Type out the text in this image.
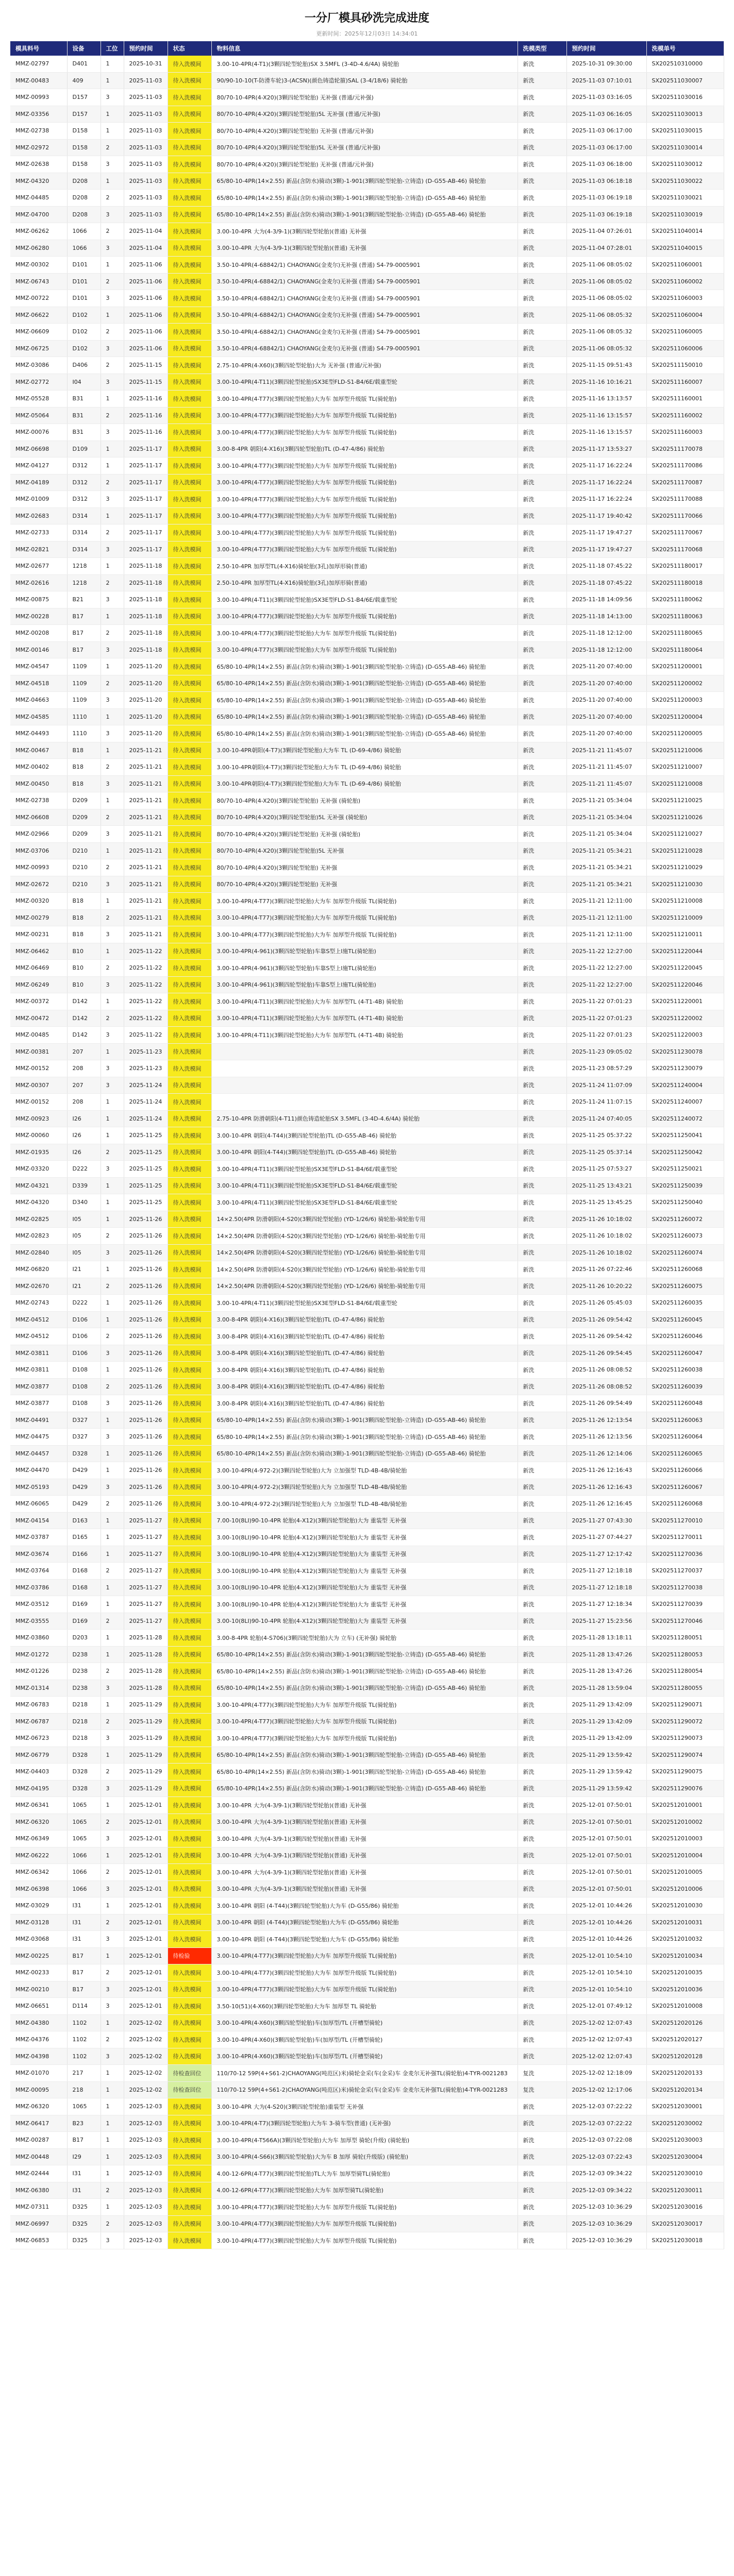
一分厂模具砂洗完成进度
更新时间：2025年12月03日 14:34:01
模具料号	设备	工位	预约时间	状态	物料信息	洗模类型	预约时间	洗模单号
MMZ-02797	D401	1	2025-10-31	待入洗模间	3.00-10-4PR(4-T1)(3颗四轮型轮胎)SX 3.5MFL (3-4D-4.6/4A) 骑轮胎	新洗	2025-10-31 09:30:00	SX202510310000
MMZ-00483	409	1	2025-11-03	待入洗模间	90/90-10-10(T-防滑车轮)3-(ACSN)(颜色铸造轮箍)SAL (3-4/18/6) 骑轮胎	新洗	2025-11-03 07:10:01	SX202511030007
MMZ-00993	D157	3	2025-11-03	待入洗模间	80/70-10-4PR(4-X20)(3颗四轮型轮胎) 无补强 (普通/元补强)	新洗	2025-11-03 03:16:05	SX202511030016
MMZ-03356	D157	1	2025-11-03	待入洗模间	80/70-10-4PR(4-X20)(3颗四轮型轮胎)5L 无补强 (普通/元补强)	新洗	2025-11-03 06:16:05	SX202511030013
MMZ-02738	D158	1	2025-11-03	待入洗模间	80/70-10-4PR(4-X20)(3颗四轮型轮胎) 无补强 (普通/元补强)	新洗	2025-11-03 06:17:00	SX202511030015
MMZ-02972	D158	2	2025-11-03	待入洗模间	80/70-10-4PR(4-X20)(3颗四轮型轮胎)5L 无补强 (普通/元补强)	新洗	2025-11-03 06:17:00	SX202511030014
MMZ-02638	D158	3	2025-11-03	待入洗模间	80/70-10-4PR(4-X20)(3颗四轮型轮胎) 无补强 (普通/元补强)	新洗	2025-11-03 06:18:00	SX202511030012
MMZ-04320	D208	1	2025-11-03	待入洗模间	65/80-10-4PR(14×2.55) 新品(含防水)骑动(3颗)-1-901(3颗四轮型轮胎-立铸造) (D-G55-AB-46) 骑轮胎	新洗	2025-11-03 06:18:18	SX202511030022
MMZ-04485	D208	2	2025-11-03	待入洗模间	65/80-10-4PR(14×2.55) 新品(含防水)骑动(3颗)-1-901(3颗四轮型轮胎-立铸造) (D-G55-AB-46) 骑轮胎	新洗	2025-11-03 06:19:18	SX202511030021
MMZ-04700	D208	3	2025-11-03	待入洗模间	65/80-10-4PR(14×2.55) 新品(含防水)骑动(3颗)-1-901(3颗四轮型轮胎-立铸造) (D-G55-AB-46) 骑轮胎	新洗	2025-11-03 06:19:18	SX202511030019
MMZ-06262	1066	2	2025-11-04	待入洗模间	3.00-10-4PR 大为(4-3/9-1)(3颗四轮型轮胎)(普通) 无补强	新洗	2025-11-04 07:26:01	SX202511040014
MMZ-06280	1066	3	2025-11-04	待入洗模间	3.00-10-4PR 大为(4-3/9-1)(3颗四轮型轮胎)(普通) 无补强	新洗	2025-11-04 07:28:01	SX202511040015
MMZ-00302	D101	1	2025-11-06	待入洗模间	3.50-10-4PR(4-68842/1) CHAOYANG(金麦尔)无补强 (普通) S4-79-0005901	新洗	2025-11-06 08:05:02	SX202511060001
MMZ-06743	D101	2	2025-11-06	待入洗模间	3.50-10-4PR(4-68842/1) CHAOYANG(金麦尔)无补强 (普通) S4-79-0005901	新洗	2025-11-06 08:05:02	SX202511060002
MMZ-00722	D101	3	2025-11-06	待入洗模间	3.50-10-4PR(4-68842/1) CHAOYANG(金麦尔)无补强 (普通) S4-79-0005901	新洗	2025-11-06 08:05:02	SX202511060003
MMZ-06622	D102	1	2025-11-06	待入洗模间	3.50-10-4PR(4-68842/1) CHAOYANG(金麦尔)无补强 (普通) S4-79-0005901	新洗	2025-11-06 08:05:32	SX202511060004
MMZ-06609	D102	2	2025-11-06	待入洗模间	3.50-10-4PR(4-68842/1) CHAOYANG(金麦尔)无补强 (普通) S4-79-0005901	新洗	2025-11-06 08:05:32	SX202511060005
MMZ-06725	D102	3	2025-11-06	待入洗模间	3.50-10-4PR(4-68842/1) CHAOYANG(金麦尔)无补强 (普通) S4-79-0005901	新洗	2025-11-06 08:05:32	SX202511060006
MMZ-03086	D406	2	2025-11-15	待入洗模间	2.75-10-4PR(4-X60)(3颗四轮型轮胎)大为 无补强 (普通/元补强)	新洗	2025-11-15 09:51:43	SX202511150010
MMZ-02772	I04	3	2025-11-15	待入洗模间	3.00-10-4PR(4-T11)(3颗四轮型轮胎)SX3E型FLD-S1-B4/6E/载重型轮	新洗	2025-11-16 10:16:21	SX202511160007
MMZ-05528	B31	1	2025-11-16	待入洗模间	3.00-10-4PR(4-T77)(3颗四轮型轮胎)大为车 加厚型升级版 TL(骑轮胎)	新洗	2025-11-16 13:13:57	SX202511160001
MMZ-05064	B31	2	2025-11-16	待入洗模间	3.00-10-4PR(4-T77)(3颗四轮型轮胎)大为车 加厚型升级版 TL(骑轮胎)	新洗	2025-11-16 13:15:57	SX202511160002
MMZ-00076	B31	3	2025-11-16	待入洗模间	3.00-10-4PR(4-T77)(3颗四轮型轮胎)大为车 加厚型升级版 TL(骑轮胎)	新洗	2025-11-16 13:15:57	SX202511160003
MMZ-06698	D109	1	2025-11-17	待入洗模间	3.00-8-4PR 朝阳(4-X16)(3颗四轮型轮胎)TL (D-47-4/86) 骑轮胎	新洗	2025-11-17 13:53:27	SX202511170078
MMZ-04127	D312	1	2025-11-17	待入洗模间	3.00-10-4PR(4-T77)(3颗四轮型轮胎)大为车 加厚型升级版 TL(骑轮胎)	新洗	2025-11-17 16:22:24	SX202511170086
MMZ-04189	D312	2	2025-11-17	待入洗模间	3.00-10-4PR(4-T77)(3颗四轮型轮胎)大为车 加厚型升级版 TL(骑轮胎)	新洗	2025-11-17 16:22:24	SX202511170087
MMZ-01009	D312	3	2025-11-17	待入洗模间	3.00-10-4PR(4-T77)(3颗四轮型轮胎)大为车 加厚型升级版 TL(骑轮胎)	新洗	2025-11-17 16:22:24	SX202511170088
MMZ-02683	D314	1	2025-11-17	待入洗模间	3.00-10-4PR(4-T77)(3颗四轮型轮胎)大为车 加厚型升级版 TL(骑轮胎)	新洗	2025-11-17 19:40:42	SX202511170066
MMZ-02733	D314	2	2025-11-17	待入洗模间	3.00-10-4PR(4-T77)(3颗四轮型轮胎)大为车 加厚型升级版 TL(骑轮胎)	新洗	2025-11-17 19:47:27	SX202511170067
MMZ-02821	D314	3	2025-11-17	待入洗模间	3.00-10-4PR(4-T77)(3颗四轮型轮胎)大为车 加厚型升级版 TL(骑轮胎)	新洗	2025-11-17 19:47:27	SX202511170068
MMZ-02677	1218	1	2025-11-18	待入洗模间	2.50-10-4PR 加厚型TL(4-X16)骑轮胎(3孔)加厚形骑(普通)	新洗	2025-11-18 07:45:22	SX202511180017
MMZ-02616	1218	2	2025-11-18	待入洗模间	2.50-10-4PR 加厚型TL(4-X16)骑轮胎(3孔)加厚形骑(普通)	新洗	2025-11-18 07:45:22	SX202511180018
MMZ-00875	B21	3	2025-11-18	待入洗模间	3.00-10-4PR(4-T11)(3颗四轮型轮胎)SX3E型FLD-S1-B4/6E/载重型轮	新洗	2025-11-18 14:09:56	SX202511180062
MMZ-00228	B17	1	2025-11-18	待入洗模间	3.00-10-4PR(4-T77)(3颗四轮型轮胎)大为车 加厚型升级版 TL(骑轮胎)	新洗	2025-11-18 14:13:00	SX202511180063
MMZ-00208	B17	2	2025-11-18	待入洗模间	3.00-10-4PR(4-T77)(3颗四轮型轮胎)大为车 加厚型升级版 TL(骑轮胎)	新洗	2025-11-18 12:12:00	SX202511180065
MMZ-00146	B17	3	2025-11-18	待入洗模间	3.00-10-4PR(4-T77)(3颗四轮型轮胎)大为车 加厚型升级版 TL(骑轮胎)	新洗	2025-11-18 12:12:00	SX202511180064
MMZ-04547	1109	1	2025-11-20	待入洗模间	65/80-10-4PR(14×2.55) 新品(含防水)骑动(3颗)-1-901(3颗四轮型轮胎-立铸造) (D-G55-AB-46) 骑轮胎	新洗	2025-11-20 07:40:00	SX202511200001
MMZ-04518	1109	2	2025-11-20	待入洗模间	65/80-10-4PR(14×2.55) 新品(含防水)骑动(3颗)-1-901(3颗四轮型轮胎-立铸造) (D-G55-AB-46) 骑轮胎	新洗	2025-11-20 07:40:00	SX202511200002
MMZ-04663	1109	3	2025-11-20	待入洗模间	65/80-10-4PR(14×2.55) 新品(含防水)骑动(3颗)-1-901(3颗四轮型轮胎-立铸造) (D-G55-AB-46) 骑轮胎	新洗	2025-11-20 07:40:00	SX202511200003
MMZ-04585	1110	1	2025-11-20	待入洗模间	65/80-10-4PR(14×2.55) 新品(含防水)骑动(3颗)-1-901(3颗四轮型轮胎-立铸造) (D-G55-AB-46) 骑轮胎	新洗	2025-11-20 07:40:00	SX202511200004
MMZ-04493	1110	3	2025-11-20	待入洗模间	65/80-10-4PR(14×2.55) 新品(含防水)骑动(3颗)-1-901(3颗四轮型轮胎-立铸造) (D-G55-AB-46) 骑轮胎	新洗	2025-11-20 07:40:00	SX202511200005
MMZ-00467	B18	1	2025-11-21	待入洗模间	3.00-10-4PR朝阳(4-T7)(3颗四轮型轮胎)大为车 TL (D-69-4/86) 骑轮胎	新洗	2025-11-21 11:45:07	SX202511210006
MMZ-00402	B18	2	2025-11-21	待入洗模间	3.00-10-4PR朝阳(4-T7)(3颗四轮型轮胎)大为车 TL (D-69-4/86) 骑轮胎	新洗	2025-11-21 11:45:07	SX202511210007
MMZ-00450	B18	3	2025-11-21	待入洗模间	3.00-10-4PR朝阳(4-T7)(3颗四轮型轮胎)大为车 TL (D-69-4/86) 骑轮胎	新洗	2025-11-21 11:45:07	SX202511210008
MMZ-02738	D209	1	2025-11-21	待入洗模间	80/70-10-4PR(4-X20)(3颗四轮型轮胎) 无补强 (骑轮胎)	新洗	2025-11-21 05:34:04	SX202511210025
MMZ-06608	D209	2	2025-11-21	待入洗模间	80/70-10-4PR(4-X20)(3颗四轮型轮胎)5L 无补强 (骑轮胎)	新洗	2025-11-21 05:34:04	SX202511210026
MMZ-02966	D209	3	2025-11-21	待入洗模间	80/70-10-4PR(4-X20)(3颗四轮型轮胎) 无补强 (骑轮胎)	新洗	2025-11-21 05:34:04	SX202511210027
MMZ-03706	D210	1	2025-11-21	待入洗模间	80/70-10-4PR(4-X20)(3颗四轮型轮胎)5L 无补强	新洗	2025-11-21 05:34:21	SX202511210028
MMZ-00993	D210	2	2025-11-21	待入洗模间	80/70-10-4PR(4-X20)(3颗四轮型轮胎) 无补强	新洗	2025-11-21 05:34:21	SX202511210029
MMZ-02672	D210	3	2025-11-21	待入洗模间	80/70-10-4PR(4-X20)(3颗四轮型轮胎) 无补强	新洗	2025-11-21 05:34:21	SX202511210030
MMZ-00320	B18	1	2025-11-21	待入洗模间	3.00-10-4PR(4-T77)(3颗四轮型轮胎)大为车 加厚型升级版 TL(骑轮胎)	新洗	2025-11-21 12:11:00	SX202511210008
MMZ-00279	B18	2	2025-11-21	待入洗模间	3.00-10-4PR(4-T77)(3颗四轮型轮胎)大为车 加厚型升级版 TL(骑轮胎)	新洗	2025-11-21 12:11:00	SX202511210009
MMZ-00231	B18	3	2025-11-21	待入洗模间	3.00-10-4PR(4-T77)(3颗四轮型轮胎)大为车 加厚型升级版 TL(骑轮胎)	新洗	2025-11-21 12:11:00	SX202511210011
MMZ-06462	B10	1	2025-11-22	待入洗模间	3.00-10-4PR(4-961)(3颗四轮型轮胎)车靠S型上l施TL(骑轮胎)	新洗	2025-11-22 12:27:00	SX202511220044
MMZ-06469	B10	2	2025-11-22	待入洗模间	3.00-10-4PR(4-961)(3颗四轮型轮胎)车靠S型上l施TL(骑轮胎)	新洗	2025-11-22 12:27:00	SX202511220045
MMZ-06249	B10	3	2025-11-22	待入洗模间	3.00-10-4PR(4-961)(3颗四轮型轮胎)车靠S型上l施TL(骑轮胎)	新洗	2025-11-22 12:27:00	SX202511220046
MMZ-00372	D142	1	2025-11-22	待入洗模间	3.00-10-4PR(4-T11)(3颗四轮型轮胎)大为车 加厚型TL (4-T1-4B) 骑轮胎	新洗	2025-11-22 07:01:23	SX202511220001
MMZ-00472	D142	2	2025-11-22	待入洗模间	3.00-10-4PR(4-T11)(3颗四轮型轮胎)大为车 加厚型TL (4-T1-4B) 骑轮胎	新洗	2025-11-22 07:01:23	SX202511220002
MMZ-00485	D142	3	2025-11-22	待入洗模间	3.00-10-4PR(4-T11)(3颗四轮型轮胎)大为车 加厚型TL (4-T1-4B) 骑轮胎	新洗	2025-11-22 07:01:23	SX202511220003
MMZ-00381	207	1	2025-11-23	待入洗模间		新洗	2025-11-23 09:05:02	SX202511230078
MMZ-00152	208	3	2025-11-23	待入洗模间		新洗	2025-11-23 08:57:29	SX202511230079
MMZ-00307	207	3	2025-11-24	待入洗模间		新洗	2025-11-24 11:07:09	SX202511240004
MMZ-00152	208	1	2025-11-24	待入洗模间		新洗	2025-11-24 11:07:15	SX202511240007
MMZ-00923	I26	1	2025-11-24	待入洗模间	2.75-10-4PR 防滑朝阳(4-T11)颜色铸造轮胎SX 3.5MFL (3-4D-4.6/4A) 骑轮胎	新洗	2025-11-24 07:40:05	SX202511240072
MMZ-00060	I26	1	2025-11-25	待入洗模间	3.00-10-4PR 朝阳(4-T44)(3颗四轮型轮胎)TL (D-G55-AB-46) 骑轮胎	新洗	2025-11-25 05:37:22	SX202511250041
MMZ-01935	I26	2	2025-11-25	待入洗模间	3.00-10-4PR 朝阳(4-T44)(3颗四轮型轮胎)TL (D-G55-AB-46) 骑轮胎	新洗	2025-11-25 05:37:14	SX202511250042
MMZ-03320	D222	3	2025-11-25	待入洗模间	3.00-10-4PR(4-T11)(3颗四轮型轮胎)SX3E型FLD-S1-B4/6E/载重型轮	新洗	2025-11-25 07:53:27	SX202511250021
MMZ-04321	D339	1	2025-11-25	待入洗模间	3.00-10-4PR(4-T11)(3颗四轮型轮胎)SX3E型FLD-S1-B4/6E/载重型轮	新洗	2025-11-25 13:43:21	SX202511250039
MMZ-04320	D340	1	2025-11-25	待入洗模间	3.00-10-4PR(4-T11)(3颗四轮型轮胎)SX3E型FLD-S1-B4/6E/载重型轮	新洗	2025-11-25 13:45:25	SX202511250040
MMZ-02825	I05	1	2025-11-26	待入洗模间	14×2.50(4PR 防滑朝阳(4-S20)(3颗四轮型轮胎) (YD-1/26/6) 骑轮胎-骑轮胎专用	新洗	2025-11-26 10:18:02	SX202511260072
MMZ-02823	I05	2	2025-11-26	待入洗模间	14×2.50(4PR 防滑朝阳(4-S20)(3颗四轮型轮胎) (YD-1/26/6) 骑轮胎-骑轮胎专用	新洗	2025-11-26 10:18:02	SX202511260073
MMZ-02840	I05	3	2025-11-26	待入洗模间	14×2.50(4PR 防滑朝阳(4-S20)(3颗四轮型轮胎) (YD-1/26/6) 骑轮胎-骑轮胎专用	新洗	2025-11-26 10:18:02	SX202511260074
MMZ-06820	I21	1	2025-11-26	待入洗模间	14×2.50(4PR 防滑朝阳(4-S20)(3颗四轮型轮胎) (YD-1/26/6) 骑轮胎-骑轮胎专用	新洗	2025-11-26 07:22:46	SX202511260068
MMZ-02670	I21	2	2025-11-26	待入洗模间	14×2.50(4PR 防滑朝阳(4-S20)(3颗四轮型轮胎) (YD-1/26/6) 骑轮胎-骑轮胎专用	新洗	2025-11-26 10:20:22	SX202511260075
MMZ-02743	D222	1	2025-11-26	待入洗模间	3.00-10-4PR(4-T11)(3颗四轮型轮胎)SX3E型FLD-S1-B4/6E/载重型轮	新洗	2025-11-26 05:45:03	SX202511260035
MMZ-04512	D106	1	2025-11-26	待入洗模间	3.00-8-4PR 朝阳(4-X16)(3颗四轮型轮胎)TL (D-47-4/86) 骑轮胎	新洗	2025-11-26 09:54:42	SX202511260045
MMZ-04512	D106	2	2025-11-26	待入洗模间	3.00-8-4PR 朝阳(4-X16)(3颗四轮型轮胎)TL (D-47-4/86) 骑轮胎	新洗	2025-11-26 09:54:42	SX202511260046
MMZ-03811	D106	3	2025-11-26	待入洗模间	3.00-8-4PR 朝阳(4-X16)(3颗四轮型轮胎)TL (D-47-4/86) 骑轮胎	新洗	2025-11-26 09:54:45	SX202511260047
MMZ-03811	D108	1	2025-11-26	待入洗模间	3.00-8-4PR 朝阳(4-X16)(3颗四轮型轮胎)TL (D-47-4/86) 骑轮胎	新洗	2025-11-26 08:08:52	SX202511260038
MMZ-03877	D108	2	2025-11-26	待入洗模间	3.00-8-4PR 朝阳(4-X16)(3颗四轮型轮胎)TL (D-47-4/86) 骑轮胎	新洗	2025-11-26 08:08:52	SX202511260039
MMZ-03877	D108	3	2025-11-26	待入洗模间	3.00-8-4PR 朝阳(4-X16)(3颗四轮型轮胎)TL (D-47-4/86) 骑轮胎	新洗	2025-11-26 09:54:49	SX202511260048
MMZ-04491	D327	1	2025-11-26	待入洗模间	65/80-10-4PR(14×2.55) 新品(含防水)骑动(3颗)-1-901(3颗四轮型轮胎-立铸造) (D-G55-AB-46) 骑轮胎	新洗	2025-11-26 12:13:54	SX202511260063
MMZ-04475	D327	3	2025-11-26	待入洗模间	65/80-10-4PR(14×2.55) 新品(含防水)骑动(3颗)-1-901(3颗四轮型轮胎-立铸造) (D-G55-AB-46) 骑轮胎	新洗	2025-11-26 12:13:56	SX202511260064
MMZ-04457	D328	1	2025-11-26	待入洗模间	65/80-10-4PR(14×2.55) 新品(含防水)骑动(3颗)-1-901(3颗四轮型轮胎-立铸造) (D-G55-AB-46) 骑轮胎	新洗	2025-11-26 12:14:06	SX202511260065
MMZ-04470	D429	1	2025-11-26	待入洗模间	3.00-10-4PR(4-972-2)(3颗四轮型轮胎)大为 立加强型 TLD-4B-4B/骑轮胎	新洗	2025-11-26 12:16:43	SX202511260066
MMZ-05193	D429	3	2025-11-26	待入洗模间	3.00-10-4PR(4-972-2)(3颗四轮型轮胎)大为 立加强型 TLD-4B-4B/骑轮胎	新洗	2025-11-26 12:16:43	SX202511260067
MMZ-06065	D429	2	2025-11-26	待入洗模间	3.00-10-4PR(4-972-2)(3颗四轮型轮胎)大为 立加强型 TLD-4B-4B/骑轮胎	新洗	2025-11-26 12:16:45	SX202511260068
MMZ-04154	D163	1	2025-11-27	待入洗模间	7.00-10(8LI)90-10-4PR 轮胎(4-X12)(3颗四轮型轮胎)大为 重装型 无补强	新洗	2025-11-27 07:43:30	SX202511270010
MMZ-03787	D165	1	2025-11-27	待入洗模间	3.00-10(8LI)90-10-4PR 轮胎(4-X12)(3颗四轮型轮胎)大为 重装型 无补强	新洗	2025-11-27 07:44:27	SX202511270011
MMZ-03674	D166	1	2025-11-27	待入洗模间	3.00-10(8LI)90-10-4PR 轮胎(4-X12)(3颗四轮型轮胎)大为 重装型 无补强	新洗	2025-11-27 12:17:42	SX202511270036
MMZ-03764	D168	2	2025-11-27	待入洗模间	3.00-10(8LI)90-10-4PR 轮胎(4-X12)(3颗四轮型轮胎)大为 重装型 无补强	新洗	2025-11-27 12:18:18	SX202511270037
MMZ-03786	D168	1	2025-11-27	待入洗模间	3.00-10(8LI)90-10-4PR 轮胎(4-X12)(3颗四轮型轮胎)大为 重装型 无补强	新洗	2025-11-27 12:18:18	SX202511270038
MMZ-03512	D169	1	2025-11-27	待入洗模间	3.00-10(8LI)90-10-4PR 轮胎(4-X12)(3颗四轮型轮胎)大为 重装型 无补强	新洗	2025-11-27 12:18:34	SX202511270039
MMZ-03555	D169	2	2025-11-27	待入洗模间	3.00-10(8LI)90-10-4PR 轮胎(4-X12)(3颗四轮型轮胎)大为 重装型 无补强	新洗	2025-11-27 15:23:56	SX202511270046
MMZ-03860	D203	1	2025-11-28	待入洗模间	3.00-8-4PR 轮胎(4-S706)(3颗四轮型轮胎)大为 立车) (无补强) 骑轮胎	新洗	2025-11-28 13:18:11	SX202511280051
MMZ-01272	D238	1	2025-11-28	待入洗模间	65/80-10-4PR(14×2.55) 新品(含防水)骑动(3颗)-1-901(3颗四轮型轮胎-立铸造) (D-G55-AB-46) 骑轮胎	新洗	2025-11-28 13:47:26	SX202511280053
MMZ-01226	D238	2	2025-11-28	待入洗模间	65/80-10-4PR(14×2.55) 新品(含防水)骑动(3颗)-1-901(3颗四轮型轮胎-立铸造) (D-G55-AB-46) 骑轮胎	新洗	2025-11-28 13:47:26	SX202511280054
MMZ-01314	D238	3	2025-11-28	待入洗模间	65/80-10-4PR(14×2.55) 新品(含防水)骑动(3颗)-1-901(3颗四轮型轮胎-立铸造) (D-G55-AB-46) 骑轮胎	新洗	2025-11-28 13:59:04	SX202511280055
MMZ-06783	D218	1	2025-11-29	待入洗模间	3.00-10-4PR(4-T77)(3颗四轮型轮胎)大为车 加厚型升级版 TL(骑轮胎)	新洗	2025-11-29 13:42:09	SX202511290071
MMZ-06787	D218	2	2025-11-29	待入洗模间	3.00-10-4PR(4-T77)(3颗四轮型轮胎)大为车 加厚型升级版 TL(骑轮胎)	新洗	2025-11-29 13:42:09	SX202511290072
MMZ-06723	D218	3	2025-11-29	待入洗模间	3.00-10-4PR(4-T77)(3颗四轮型轮胎)大为车 加厚型升级版 TL(骑轮胎)	新洗	2025-11-29 13:42:09	SX202511290073
MMZ-06779	D328	1	2025-11-29	待入洗模间	65/80-10-4PR(14×2.55) 新品(含防水)骑动(3颗)-1-901(3颗四轮型轮胎-立铸造) (D-G55-AB-46) 骑轮胎	新洗	2025-11-29 13:59:42	SX202511290074
MMZ-04403	D328	2	2025-11-29	待入洗模间	65/80-10-4PR(14×2.55) 新品(含防水)骑动(3颗)-1-901(3颗四轮型轮胎-立铸造) (D-G55-AB-46) 骑轮胎	新洗	2025-11-29 13:59:42	SX202511290075
MMZ-04195	D328	3	2025-11-29	待入洗模间	65/80-10-4PR(14×2.55) 新品(含防水)骑动(3颗)-1-901(3颗四轮型轮胎-立铸造) (D-G55-AB-46) 骑轮胎	新洗	2025-11-29 13:59:42	SX202511290076
MMZ-06341	1065	1	2025-12-01	待入洗模间	3.00-10-4PR 大为(4-3/9-1)(3颗四轮型轮胎)(普通) 无补强	新洗	2025-12-01 07:50:01	SX202512010001
MMZ-06320	1065	2	2025-12-01	待入洗模间	3.00-10-4PR 大为(4-3/9-1)(3颗四轮型轮胎)(普通) 无补强	新洗	2025-12-01 07:50:01	SX202512010002
MMZ-06349	1065	3	2025-12-01	待入洗模间	3.00-10-4PR 大为(4-3/9-1)(3颗四轮型轮胎)(普通) 无补强	新洗	2025-12-01 07:50:01	SX202512010003
MMZ-06222	1066	1	2025-12-01	待入洗模间	3.00-10-4PR 大为(4-3/9-1)(3颗四轮型轮胎)(普通) 无补强	新洗	2025-12-01 07:50:01	SX202512010004
MMZ-06342	1066	2	2025-12-01	待入洗模间	3.00-10-4PR 大为(4-3/9-1)(3颗四轮型轮胎)(普通) 无补强	新洗	2025-12-01 07:50:01	SX202512010005
MMZ-06398	1066	3	2025-12-01	待入洗模间	3.00-10-4PR 大为(4-3/9-1)(3颗四轮型轮胎)(普通) 无补强	新洗	2025-12-01 07:50:01	SX202512010006
MMZ-03029	I31	1	2025-12-01	待入洗模间	3.00-10-4PR 朝阳 (4-T44)(3颗四轮型轮胎)大为车 (D-G55/86) 骑轮胎	新洗	2025-12-01 10:44:26	SX202512010030
MMZ-03128	I31	2	2025-12-01	待入洗模间	3.00-10-4PR 朝阳 (4-T44)(3颗四轮型轮胎)大为车 (D-G55/86) 骑轮胎	新洗	2025-12-01 10:44:26	SX202512010031
MMZ-03068	I31	3	2025-12-01	待入洗模间	3.00-10-4PR 朝阳 (4-T44)(3颗四轮型轮胎)大为车 (D-G55/86) 骑轮胎	新洗	2025-12-01 10:44:26	SX202512010032
MMZ-00225	B17	1	2025-12-01	待检验	3.00-10-4PR(4-T77)(3颗四轮型轮胎)大为车 加厚型升级版 TL(骑轮胎)	新洗	2025-12-01 10:54:10	SX202512010034
MMZ-00233	B17	2	2025-12-01	待入洗模间	3.00-10-4PR(4-T77)(3颗四轮型轮胎)大为车 加厚型升级版 TL(骑轮胎)	新洗	2025-12-01 10:54:10	SX202512010035
MMZ-00210	B17	3	2025-12-01	待入洗模间	3.00-10-4PR(4-T77)(3颗四轮型轮胎)大为车 加厚型升级版 TL(骑轮胎)	新洗	2025-12-01 10:54:10	SX202512010036
MMZ-06651	D114	3	2025-12-01	待入洗模间	3.50-10(51)(4-X60)(3颗四轮型轮胎)大为车 加厚型 TL 骑轮胎	新洗	2025-12-01 07:49:12	SX202512010008
MMZ-04380	1102	1	2025-12-02	待入洗模间	3.00-10-4PR(4-X60)(3颗四轮型轮胎)车(加厚型/TL (开槽型骑轮)	新洗	2025-12-02 12:07:43	SX202512020126
MMZ-04376	1102	2	2025-12-02	待入洗模间	3.00-10-4PR(4-X60)(3颗四轮型轮胎)车(加厚型/TL (开槽型骑轮)	新洗	2025-12-02 12:07:43	SX202512020127
MMZ-04398	1102	3	2025-12-02	待入洗模间	3.00-10-4PR(4-X60)(3颗四轮型轮胎)车(加厚型/TL (开槽型骑轮)	新洗	2025-12-02 12:07:43	SX202512020128
MMZ-01070	217	1	2025-12-02	待检查回位	110/70-12 59P(4+S61-2)CHAOYANG(吨范区)米)骑轮金采(车(金采)车 金麦尔无补强TL(骑轮胎)4-TYR-0021283	复洗	2025-12-02 12:18:09	SX202512020133
MMZ-00095	218	1	2025-12-02	待检查回位	110/70-12 59P(4+S61-2)CHAOYANG(吨范区)米)骑轮金采(车(金采)车 金麦尔无补强TL(骑轮胎)4-TYR-0021283	复洗	2025-12-02 12:17:06	SX202512020134
MMZ-06320	1065	1	2025-12-03	待入洗模间	3.00-10-4PR 大为(4-S20)(3颗四轮型轮胎)重装型 无补强	新洗	2025-12-03 07:22:22	SX202512030001
MMZ-06417	B23	1	2025-12-03	待入洗模间	3.00-10-4PR(4-T7)(3颗四轮型轮胎)大为车 3-骑车型(普通) (无补强)	新洗	2025-12-03 07:22:22	SX202512030002
MMZ-00287	B17	1	2025-12-03	待入洗模间	3.00-10-4PR(4-T566A)(3颗四轮型轮胎)大为车 加厚型 骑轮(升级) (骑轮胎)	新洗	2025-12-03 07:22:08	SX202512030003
MMZ-00448	I29	1	2025-12-03	待入洗模间	3.00-10-4PR(4-S66)(3颗四轮型轮胎)大为车 B 加厚 骑轮(升级版) (骑轮胎)	新洗	2025-12-03 07:22:43	SX202512030004
MMZ-02444	I31	1	2025-12-03	待入洗模间	4.00-12-6PR(4-T77)(3颗四轮型轮胎)TL大为车 加厚型骑TL(骑轮胎)	新洗	2025-12-03 09:34:22	SX202512030010
MMZ-06380	I31	2	2025-12-03	待入洗模间	4.00-12-6PR(4-T77)(3颗四轮型轮胎)大为车 加厚型骑TL(骑轮胎)	新洗	2025-12-03 09:34:22	SX202512030011
MMZ-07311	D325	1	2025-12-03	待入洗模间	3.00-10-4PR(4-T77)(3颗四轮型轮胎)大为车 加厚型升级版 TL(骑轮胎)	新洗	2025-12-03 10:36:29	SX202512030016
MMZ-06997	D325	2	2025-12-03	待入洗模间	3.00-10-4PR(4-T77)(3颗四轮型轮胎)大为车 加厚型升级版 TL(骑轮胎)	新洗	2025-12-03 10:36:29	SX202512030017
MMZ-06853	D325	3	2025-12-03	待入洗模间	3.00-10-4PR(4-T77)(3颗四轮型轮胎)大为车 加厚型升级版 TL(骑轮胎)	新洗	2025-12-03 10:36:29	SX202512030018
